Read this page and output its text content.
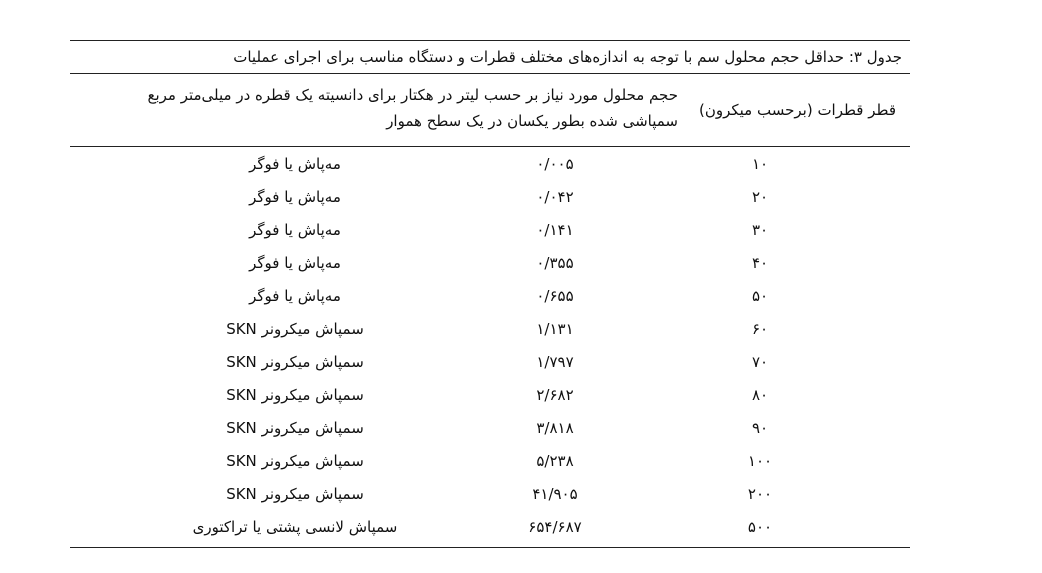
جدول ۳: حداقل حجم محلول سم با توجه به اندازه‌های مختلف قطرات و دستگاه مناسب برای اجرای عملیات
قطر قطرات (برحسب میکرون)
حجم محلول مورد نیاز بر حسب لیتر در هکتار برای دانسیته یک قطره در میلی‌متر مربع
سمپاشی شده بطور یکسان در یک سطح هموار
۱۰
۰/۰۰۵
مه‌پاش یا فوگر
۲۰
۰/۰۴۲
مه‌پاش یا فوگر
۳۰
۰/۱۴۱
مه‌پاش یا فوگر
۴۰
۰/۳۵۵
مه‌پاش یا فوگر
۵۰
۰/۶۵۵
مه‌پاش یا فوگر
۶۰
۱/۱۳۱
سمپاش میکرونر SKN
۷۰
۱/۷۹۷
سمپاش میکرونر SKN
۸۰
۲/۶۸۲
سمپاش میکرونر SKN
۹۰
۳/۸۱۸
سمپاش میکرونر SKN
۱۰۰
۵/۲۳۸
سمپاش میکرونر SKN
۲۰۰
۴۱/۹۰۵
سمپاش میکرونر SKN
۵۰۰
۶۵۴/۶۸۷
سمپاش لانسی پشتی یا تراکتوری
